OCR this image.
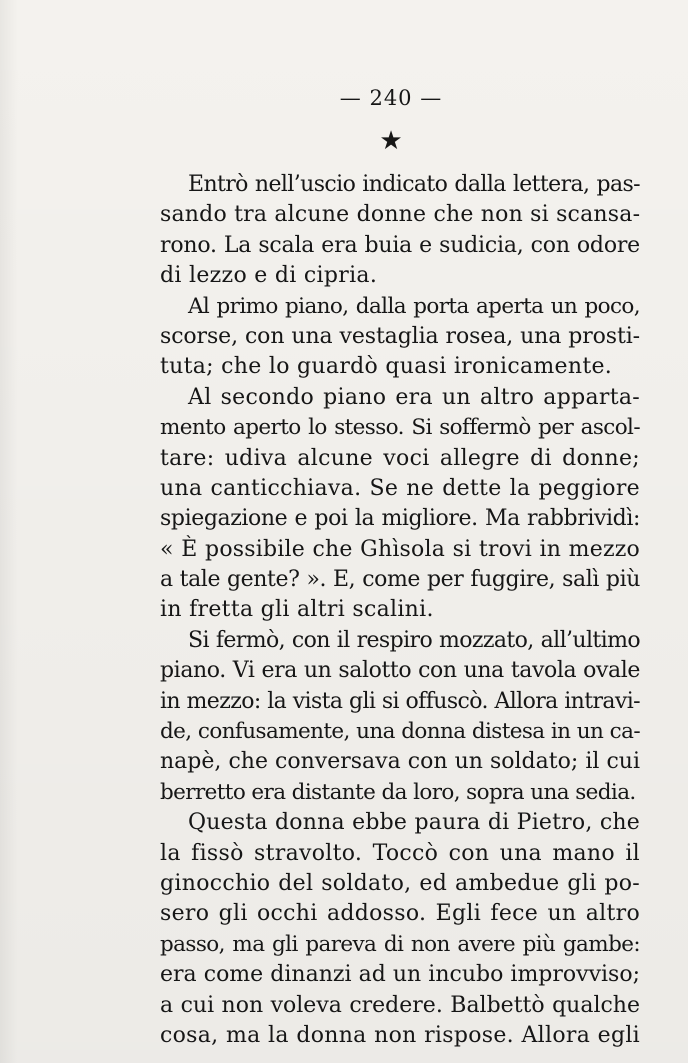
— 240 —
★
Entrò nell’uscio indicato dalla lettera, pas-
sando tra alcune donne che non si scansa-
rono. La scala era buia e sudicia, con odore
di lezzo e di cipria.
Al primo piano, dalla porta aperta un poco,
scorse, con una vestaglia rosea, una prosti-
tuta; che lo guardò quasi ironicamente.
Al secondo piano era un altro apparta-
mento aperto lo stesso. Si soffermò per ascol-
tare: udiva alcune voci allegre di donne;
una canticchiava. Se ne dette la peggiore
spiegazione e poi la migliore. Ma rabbrividì:
« È possibile che Ghìsola si trovi in mezzo
a tale gente? ». E, come per fuggire, salì più
in fretta gli altri scalini.
Si fermò, con il respiro mozzato, all’ultimo
piano. Vi era un salotto con una tavola ovale
in mezzo: la vista gli si offuscò. Allora intravi-
de, confusamente, una donna distesa in un ca-
napè, che conversava con un soldato; il cui
berretto era distante da loro, sopra una sedia.
Questa donna ebbe paura di Pietro, che
la fissò stravolto. Toccò con una mano il
ginocchio del soldato, ed ambedue gli po-
sero gli occhi addosso. Egli fece un altro
passo, ma gli pareva di non avere più gambe:
era come dinanzi ad un incubo improvviso;
a cui non voleva credere. Balbettò qualche
cosa, ma la donna non rispose. Allora egli
